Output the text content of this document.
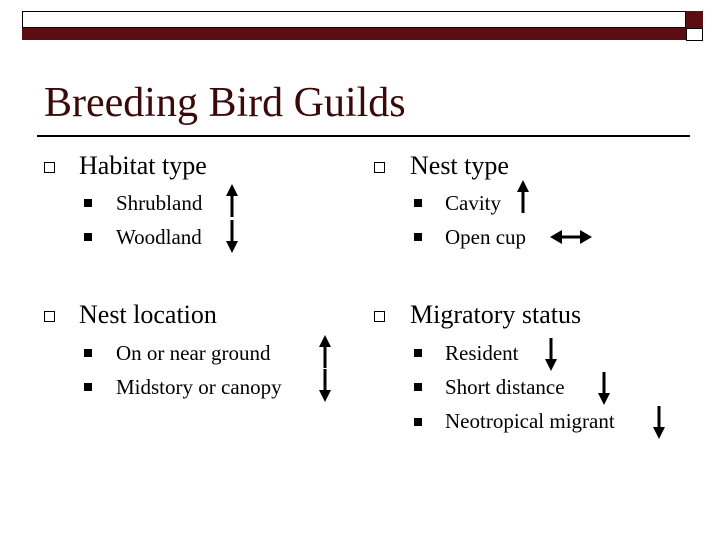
Breeding Bird Guilds
Habitat type
Shrubland
Woodland
Nest type
Cavity
Open cup
Nest location
On or near ground
Midstory or canopy
Migratory status
Resident
Short distance
Neotropical migrant
